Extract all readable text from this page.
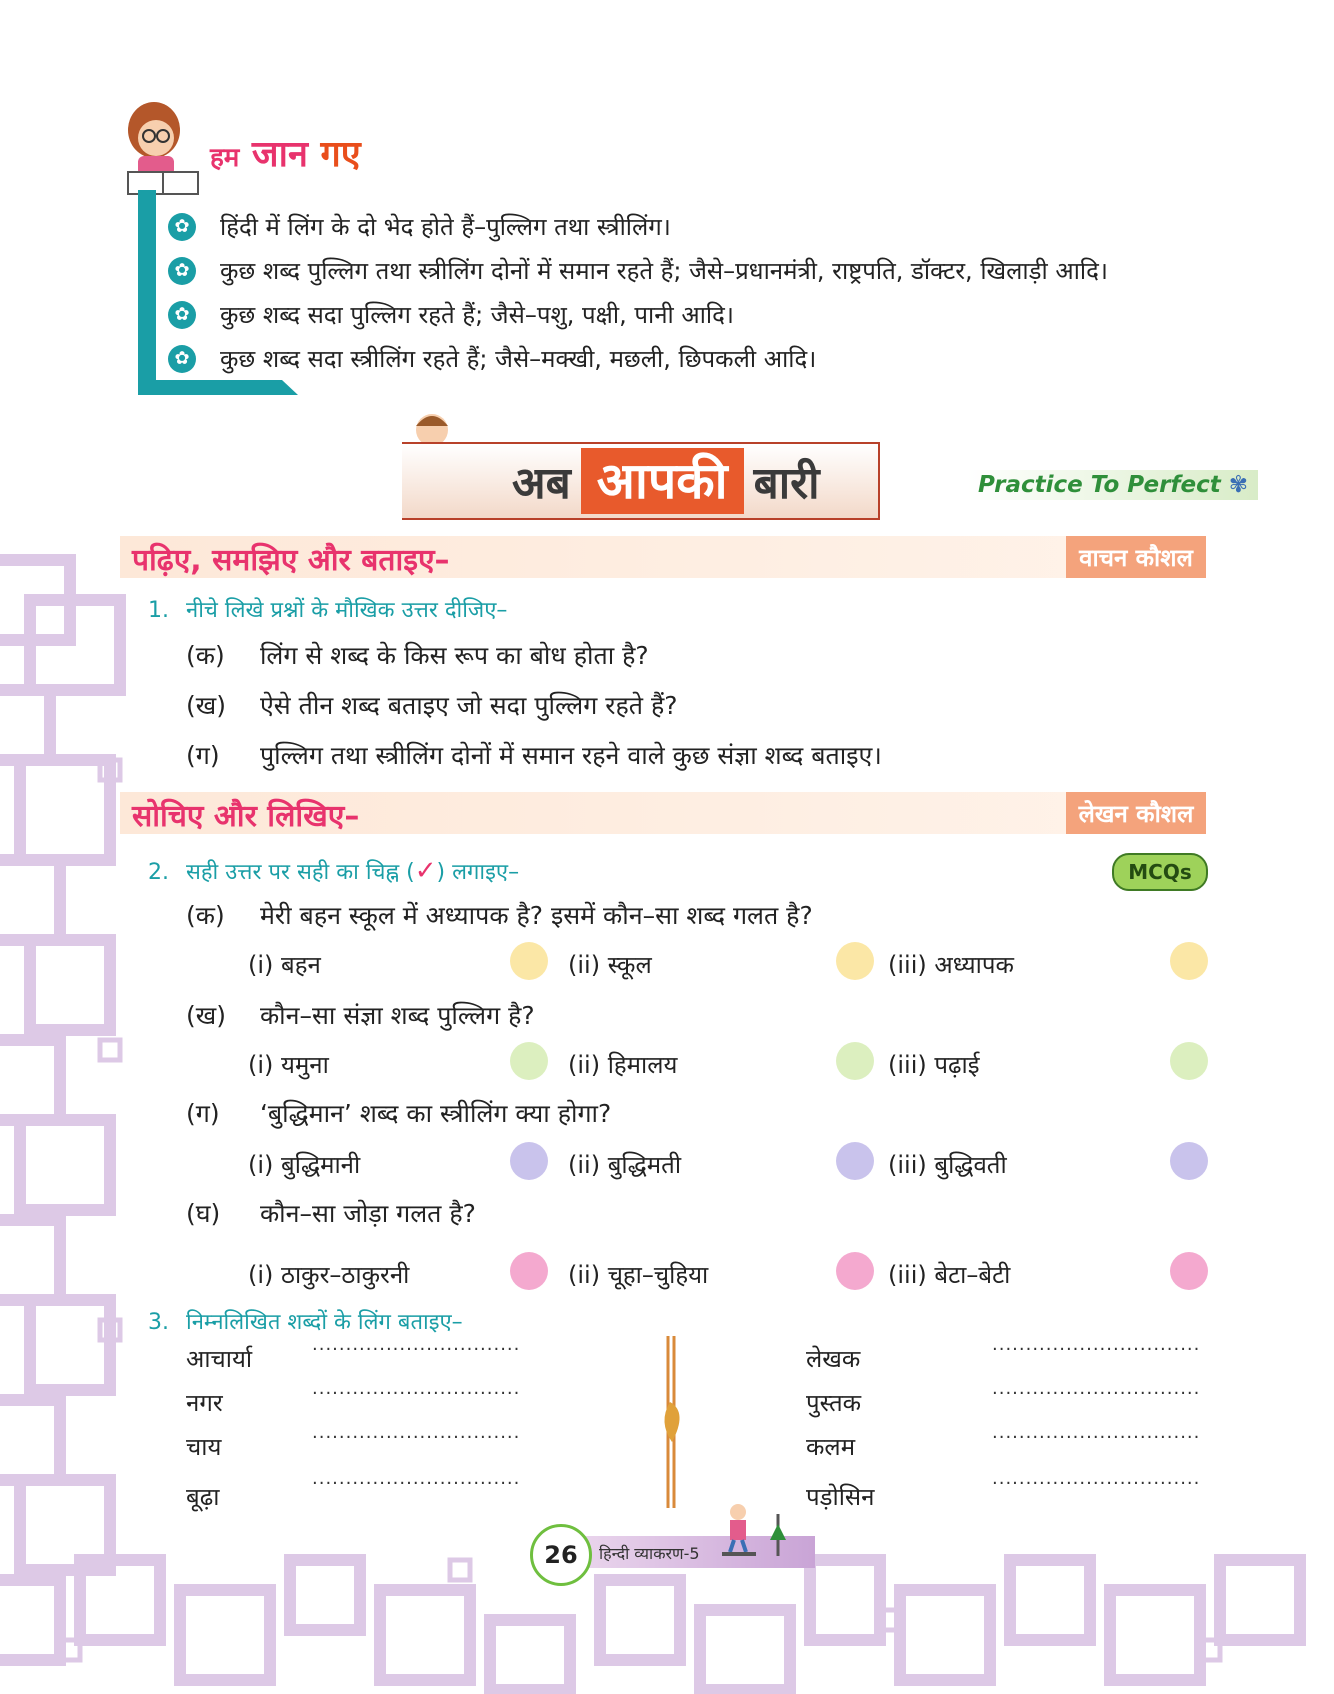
हम जान गए
✿ हिंदी में लिंग के दो भेद होते हैं–पुल्लिग तथा स्त्रीलिंग।
✿ कुछ शब्द पुल्लिग तथा स्त्रीलिंग दोनों में समान रहते हैं; जैसे–प्रधानमंत्री, राष्ट्रपति, डॉक्टर, खिलाड़ी आदि।
✿ कुछ शब्द सदा पुल्लिग रहते हैं; जैसे–पशु, पक्षी, पानी आदि।
✿ कुछ शब्द सदा स्त्रीलिंग रहते हैं; जैसे–मक्खी, मछली, छिपकली आदि।
अब आपकी बारी	Practice To Perfect ✾
पढ़िए, समझिए और बताइए–	वाचन कौशल
1. नीचे लिखे प्रश्नों के मौखिक उत्तर दीजिए–
(क) लिंग से शब्द के किस रूप का बोध होता है?
(ख) ऐसे तीन शब्द बताइए जो सदा पुल्लिग रहते हैं?
(ग) पुल्लिग तथा स्त्रीलिंग दोनों में समान रहने वाले कुछ संज्ञा शब्द बताइए।
सोचिए और लिखिए–	लेखन कौशल
2. सही उत्तर पर सही का चिह्न (✓) लगाइए–	MCQs
(क) मेरी बहन स्कूल में अध्यापक है? इसमें कौन–सा शब्द गलत है?
(i) बहन	(ii) स्कूल	(iii) अध्यापक
(ख) कौन–सा संज्ञा शब्द पुल्लिग है?
(i) यमुना	(ii) हिमालय	(iii) पढ़ाई
(ग) ‘बुद्धिमान’ शब्द का स्त्रीलिंग क्या होगा?
(i) बुद्धिमानी	(ii) बुद्धिमती	(iii) बुद्धिवती
(घ) कौन–सा जोड़ा गलत है?
(i) ठाकुर–ठाकुरनी	(ii) चूहा–चुहिया	(iii) बेटा–बेटी
3. निम्नलिखित शब्दों के लिंग बताइए–
आचार्या
...............................
नगर
...............................
चाय
...............................
बूढ़ा
...............................
लेखक
...............................
पुस्तक
...............................
कलम
...............................
पड़ोसिन
...............................
हिन्दी व्याकरण-5
26
